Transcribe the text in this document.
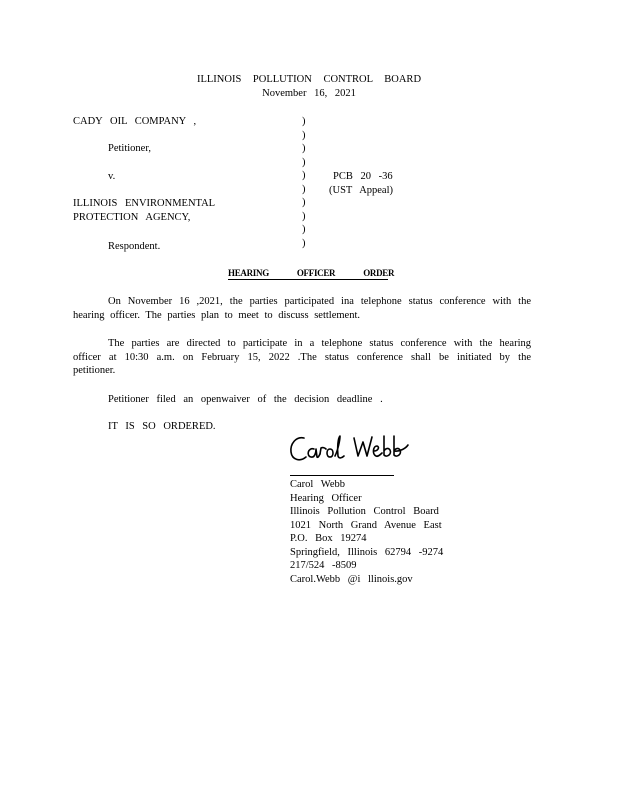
ILLINOIS POLLUTION CONTROL BOARD
November 16, 2021
CADY OIL COMPANY ,
Petitioner,
v.
ILLINOIS ENVIRONMENTAL
PROTECTION AGENCY,
Respondent.
)
)
)
)
)
)
)
)
)
)
PCB 20 -36
(UST Appeal)
HEARING OFFICER ORDER
On November 16 ,2021, the parties participated ina telephone status conference with the hearing officer. The parties plan to meet to discuss settlement.
The parties are directed to participate in a telephone status conference with the hearing officer at 10:30 a.m. on February 15, 2022 .The status conference shall be initiated by the petitioner.
Petitioner filed an openwaiver of the decision deadline .
IT IS SO ORDERED.
Carol Webb
Hearing Officer
Illinois Pollution Control Board
1021 North Grand Avenue East
P.O. Box 19274
Springfield, Illinois 62794 -9274
217/524 -8509
Carol.Webb @i llinois.gov
